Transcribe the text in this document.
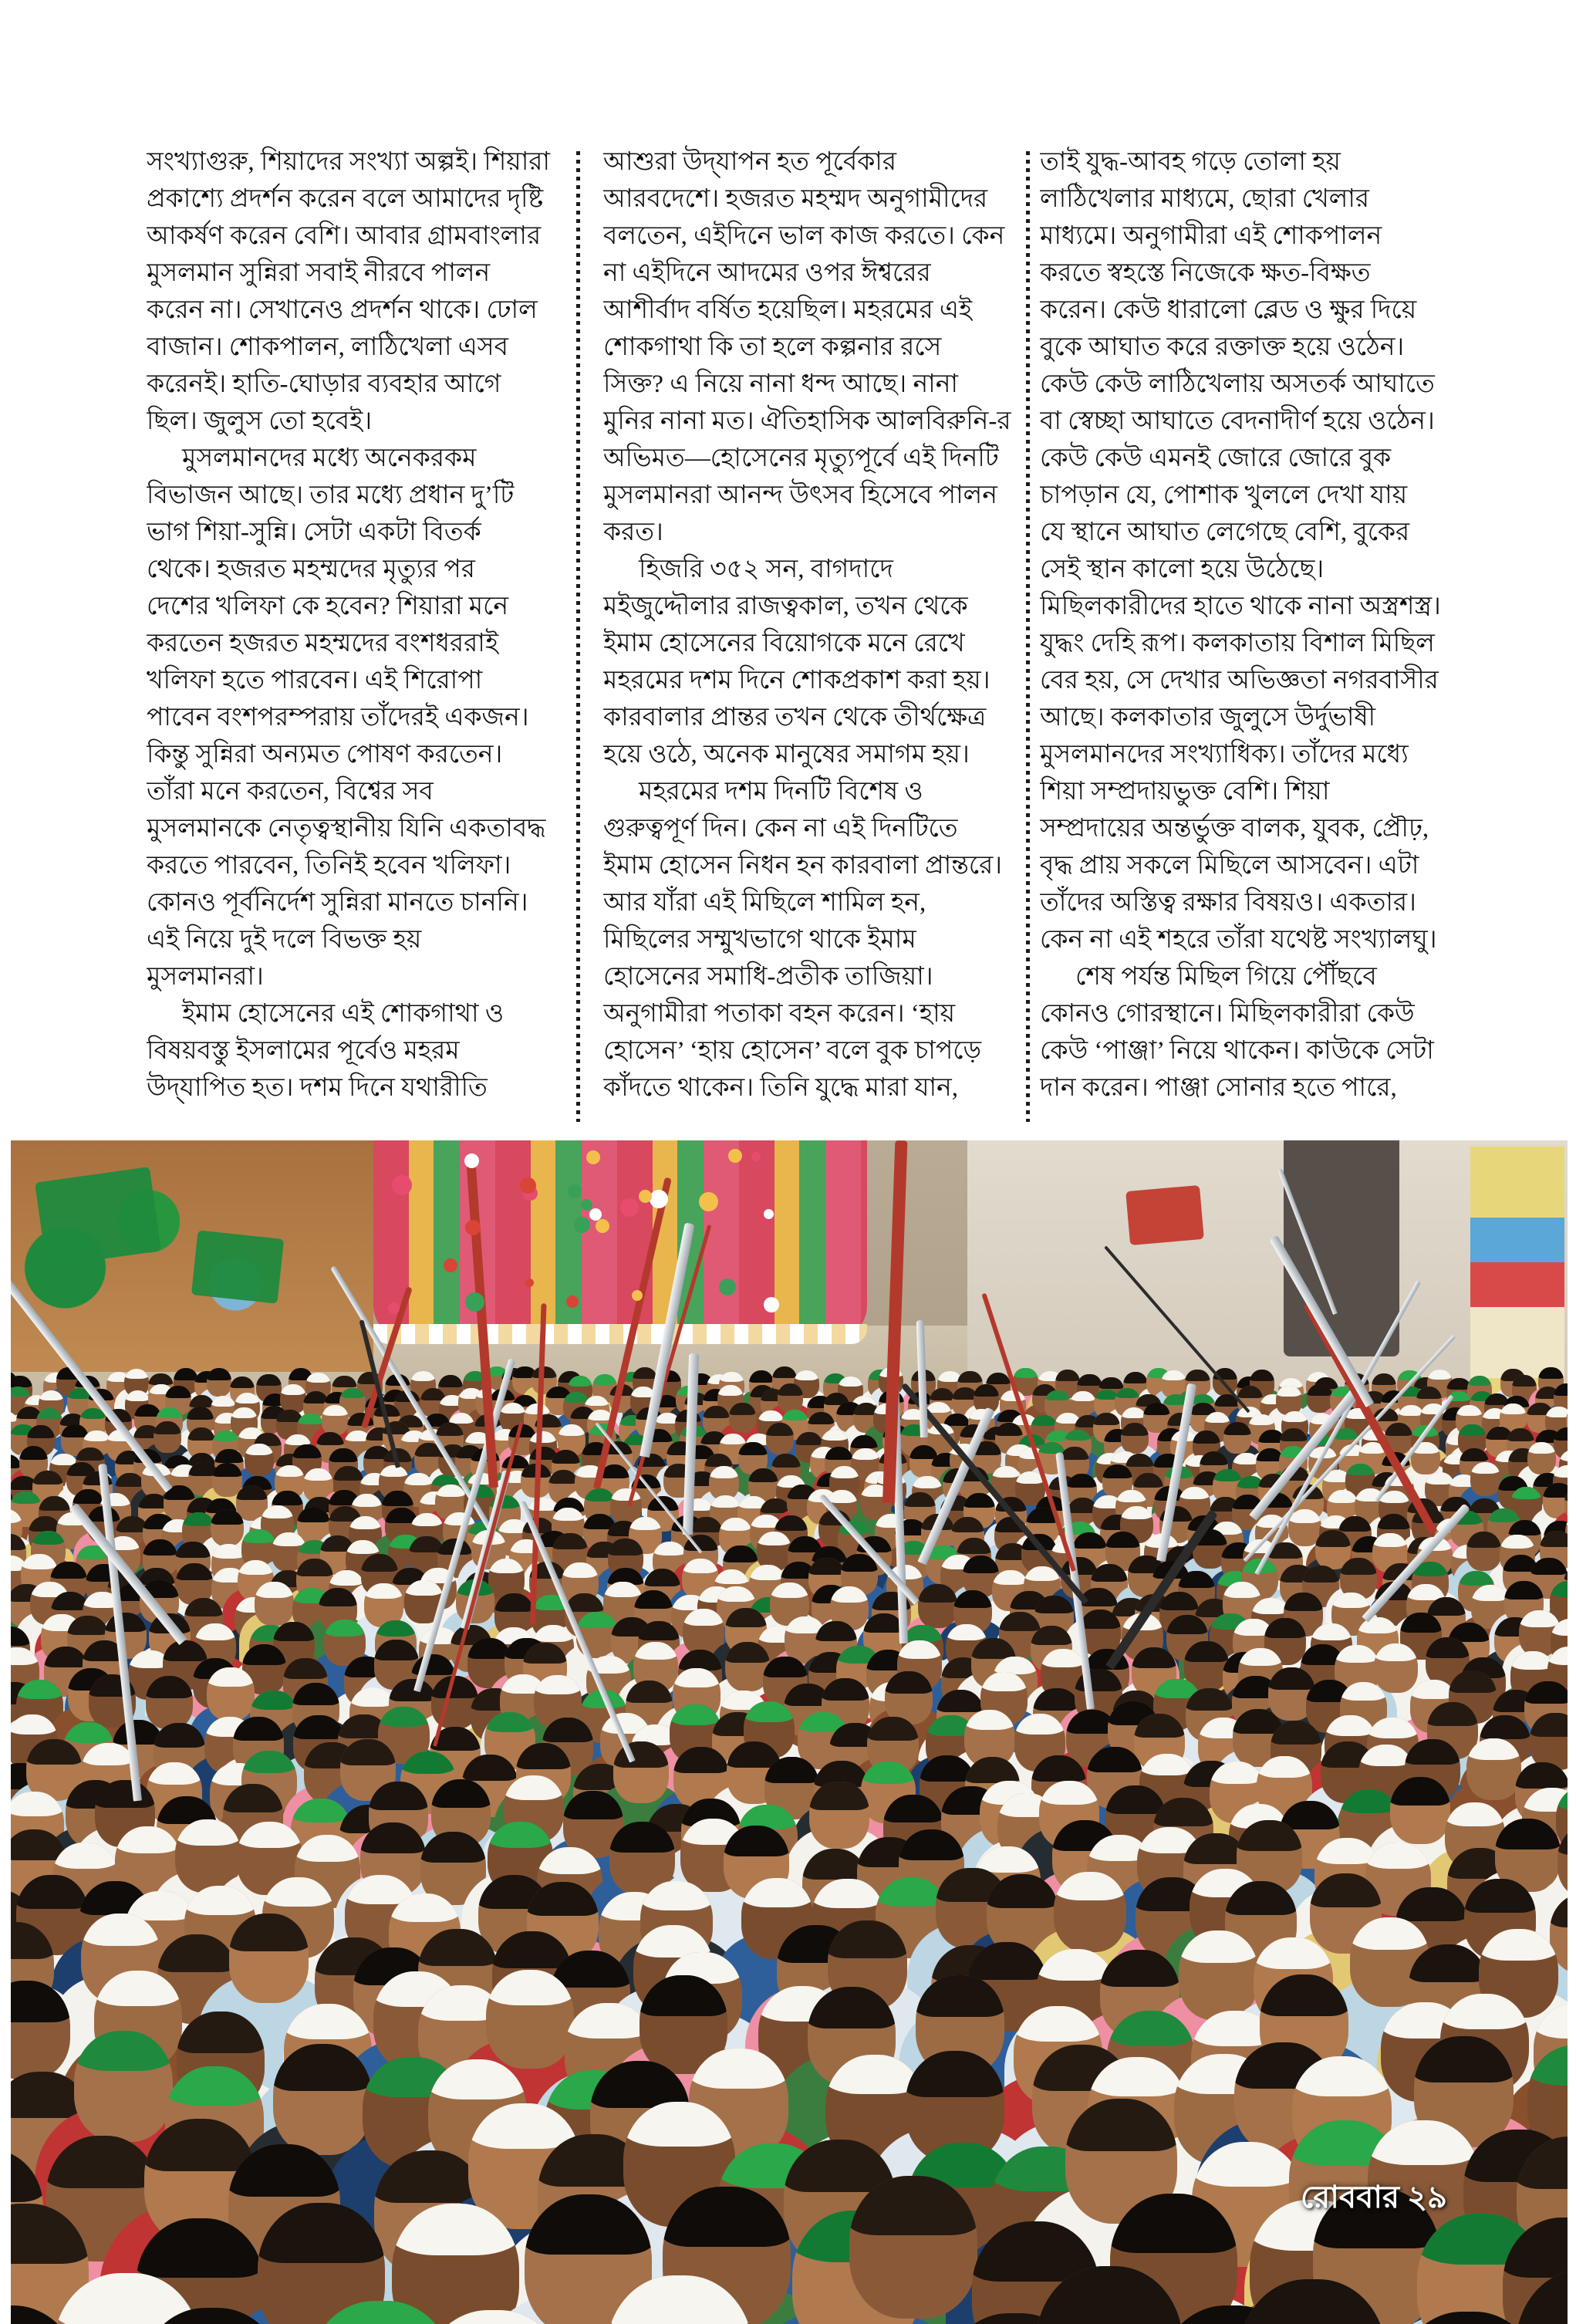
সংখ্যাগুরু, শিয়াদের সংখ্যা অল্পই। শিয়ারা
প্রকাশ্যে প্রদর্শন করেন বলে আমাদের দৃষ্টি
আকর্ষণ করেন বেশি। আবার গ্রামবাংলার
মুসলমান সুন্নিরা সবাই নীরবে পালন
করেন না। সেখানেও প্রদর্শন থাকে। ঢোল
বাজান। শোকপালন, লাঠিখেলা এসব
করেনই। হাতি-ঘোড়ার ব্যবহার আগে
ছিল। জুলুস তো হবেই।
মুসলমানদের মধ্যে অনেকরকম
বিভাজন আছে। তার মধ্যে প্রধান দু’টি
ভাগ শিয়া-সুন্নি। সেটা একটা বিতর্ক
থেকে। হজরত মহম্মদের মৃত্যুর পর
দেশের খলিফা কে হবেন? শিয়ারা মনে
করতেন হজরত মহম্মদের বংশধররাই
খলিফা হতে পারবেন। এই শিরোপা
পাবেন বংশপরম্পরায় তাঁদেরই একজন।
কিন্তু সুন্নিরা অন্যমত পোষণ করতেন।
তাঁরা মনে করতেন, বিশ্বের সব
মুসলমানকে নেতৃত্বস্থানীয় যিনি একতাবদ্ধ
করতে পারবেন, তিনিই হবেন খলিফা।
কোনও পূর্বনির্দেশ সুন্নিরা মানতে চাননি।
এই নিয়ে দুই দলে বিভক্ত হয়
মুসলমানরা।
ইমাম হোসেনের এই শোকগাথা ও
বিষয়বস্তু ইসলামের পূর্বেও মহরম
উদ্‌যাপিত হত। দশম দিনে যথারীতি
আশুরা উদ্‌যাপন হত পূর্বেকার
আরবদেশে। হজরত মহম্মদ অনুগামীদের
বলতেন, এইদিনে ভাল কাজ করতে। কেন
না এইদিনে আদমের ওপর ঈশ্বরের
আশীর্বাদ বর্ষিত হয়েছিল। মহরমের এই
শোকগাথা কি তা হলে কল্পনার রসে
সিক্ত? এ নিয়ে নানা ধন্দ আছে। নানা
মুনির নানা মত। ঐতিহাসিক আলবিরুনি-র
অভিমত—হোসেনের মৃত্যুপূর্বে এই দিনটি
মুসলমানরা আনন্দ উৎসব হিসেবে পালন
করত।
হিজরি ৩৫২ সন, বাগদাদে
মইজুদ্দৌলার রাজত্বকাল, তখন থেকে
ইমাম হোসেনের বিয়োগকে মনে রেখে
মহরমের দশম দিনে শোকপ্রকাশ করা হয়।
কারবালার প্রান্তর তখন থেকে তীর্থক্ষেত্র
হয়ে ওঠে, অনেক মানুষের সমাগম হয়।
মহরমের দশম দিনটি বিশেষ ও
গুরুত্বপূর্ণ দিন। কেন না এই দিনটিতে
ইমাম হোসেন নিধন হন কারবালা প্রান্তরে।
আর যাঁরা এই মিছিলে শামিল হন,
মিছিলের সম্মুখভাগে থাকে ইমাম
হোসেনের সমাধি-প্রতীক তাজিয়া।
অনুগামীরা পতাকা বহন করেন। ‘হায়
হোসেন’ ‘হায় হোসেন’ বলে বুক চাপড়ে
কাঁদতে থাকেন। তিনি যুদ্ধে মারা যান,
তাই যুদ্ধ-আবহ গড়ে তোলা হয়
লাঠিখেলার মাধ্যমে, ছোরা খেলার
মাধ্যমে। অনুগামীরা এই শোকপালন
করতে স্বহস্তে নিজেকে ক্ষত-বিক্ষত
করেন। কেউ ধারালো ব্লেড ও ক্ষুর দিয়ে
বুকে আঘাত করে রক্তাক্ত হয়ে ওঠেন।
কেউ কেউ লাঠিখেলায় অসতর্ক আঘাতে
বা স্বেচ্ছা আঘাতে বেদনাদীর্ণ হয়ে ওঠেন।
কেউ কেউ এমনই জোরে জোরে বুক
চাপড়ান যে, পোশাক খুললে দেখা যায়
যে স্থানে আঘাত লেগেছে বেশি, বুকের
সেই স্থান কালো হয়ে উঠেছে।
মিছিলকারীদের হাতে থাকে নানা অস্ত্রশস্ত্র।
যুদ্ধং দেহি রূপ। কলকাতায় বিশাল মিছিল
বের হয়, সে দেখার অভিজ্ঞতা নগরবাসীর
আছে। কলকাতার জুলুসে উর্দুভাষী
মুসলমানদের সংখ্যাধিক্য। তাঁদের মধ্যে
শিয়া সম্প্রদায়ভুক্ত বেশি। শিয়া
সম্প্রদায়ের অন্তর্ভুক্ত বালক, যুবক, প্রৌঢ়,
বৃদ্ধ প্রায় সকলে মিছিলে আসবেন। এটা
তাঁদের অস্তিত্ব রক্ষার বিষয়ও। একতার।
কেন না এই শহরে তাঁরা যথেষ্ট সংখ্যালঘু।
শেষ পর্যন্ত মিছিল গিয়ে পৌঁছবে
কোনও গোরস্থানে। মিছিলকারীরা কেউ
কেউ ‘পাঞ্জা’ নিয়ে থাকেন। কাউকে সেটা
দান করেন। পাঞ্জা সোনার হতে পারে,
রোববার ২৯
